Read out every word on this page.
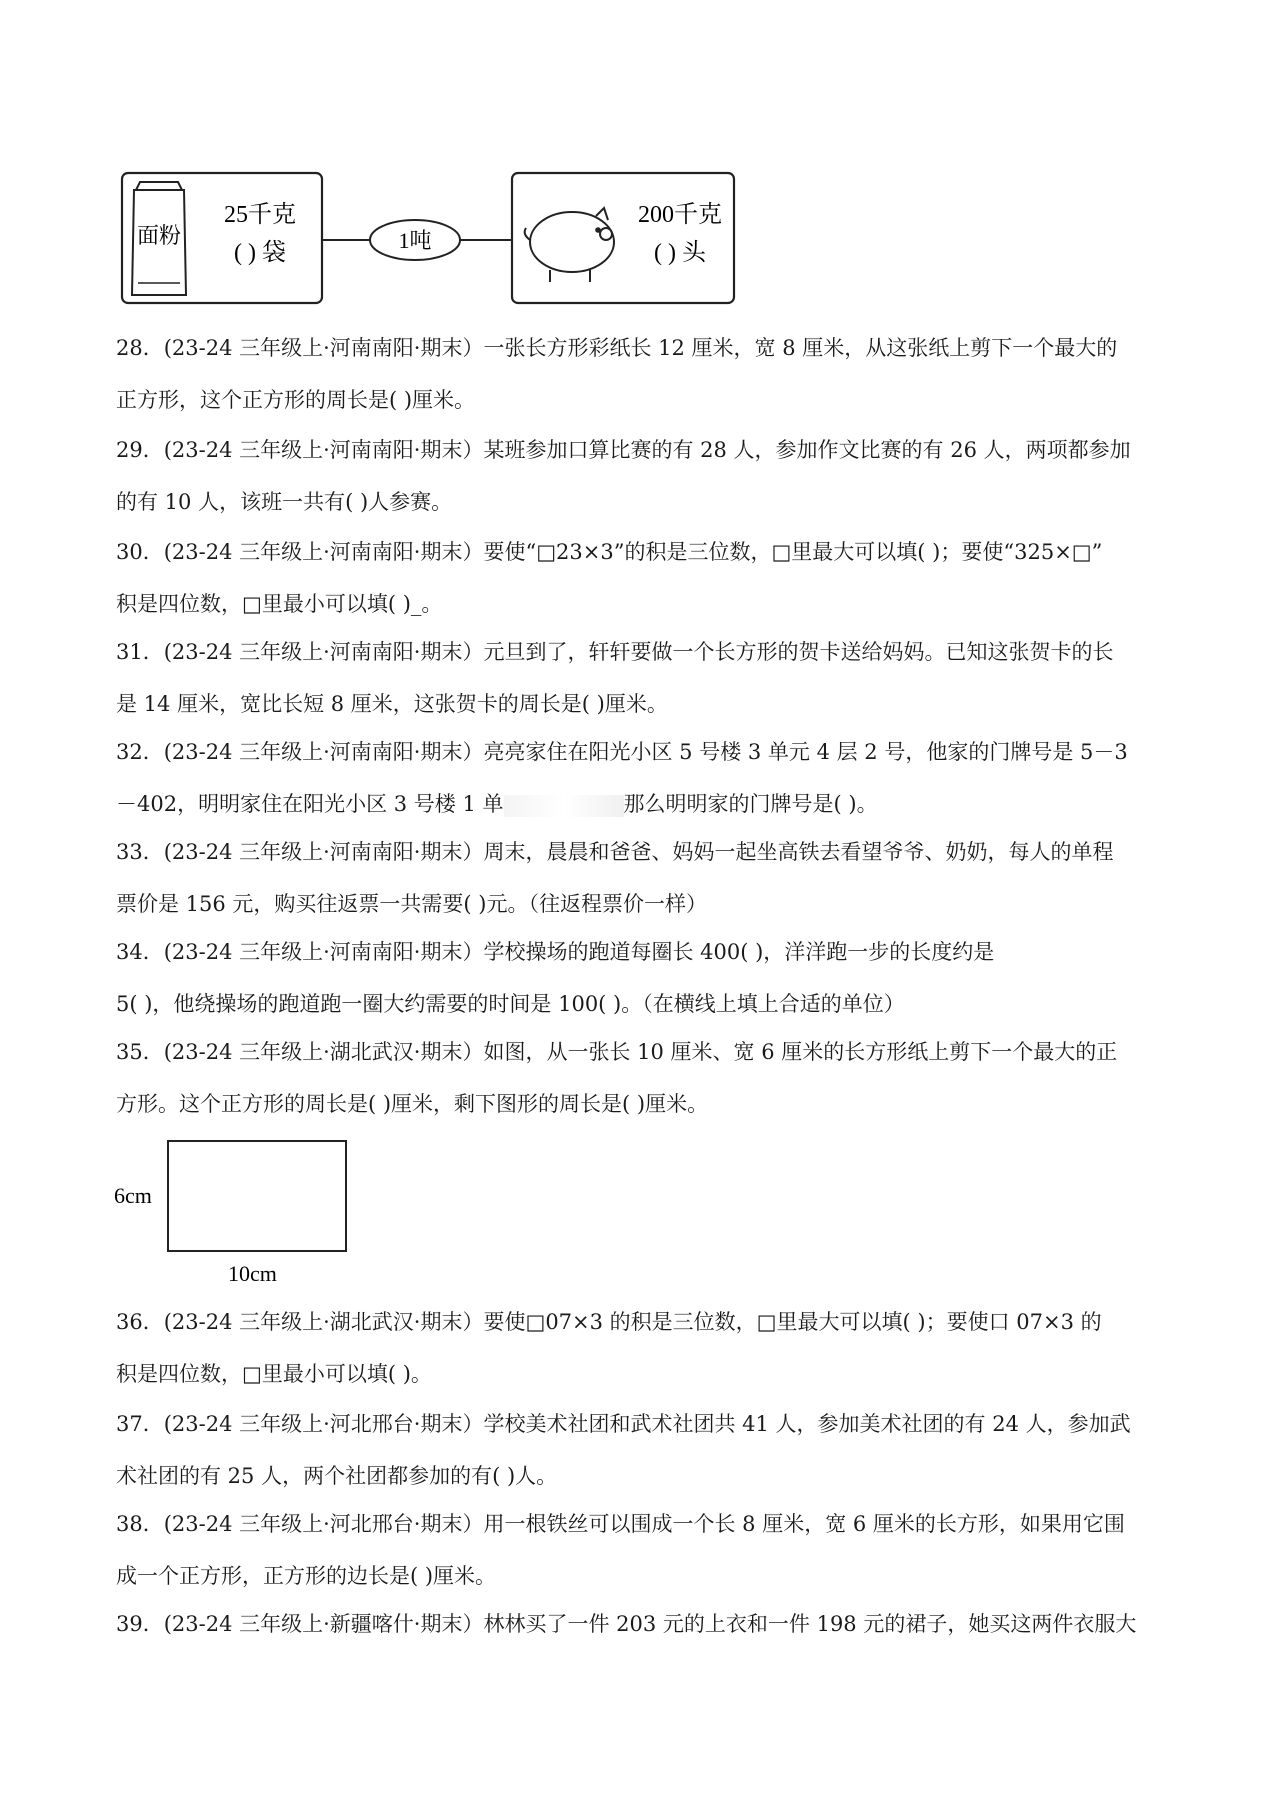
面粉
25千克
( ) 袋	1吨
200千克
( ) 头
28．(23-24 三年级上·河南南阳·期末）一张长方形彩纸长 12 厘米，宽 8 厘米，从这张纸上剪下一个最大的
正方形，这个正方形的周长是( )厘米。
29．(23-24 三年级上·河南南阳·期末）某班参加口算比赛的有 28 人，参加作文比赛的有 26 人，两项都参加
的有 10 人，该班一共有( )人参赛。
30．(23-24 三年级上·河南南阳·期末）要使“□23×3”的积是三位数，□里最大可以填( )；要使“325×□”
积是四位数，□里最小可以填( )_。
31．(23-24 三年级上·河南南阳·期末）元旦到了，轩轩要做一个长方形的贺卡送给妈妈。已知这张贺卡的长
是 14 厘米，宽比长短 8 厘米，这张贺卡的周长是( )厘米。
32．(23-24 三年级上·河南南阳·期末）亮亮家住在阳光小区 5 号楼 3 单元 4 层 2 号，他家的门牌号是 5－3
－402，明明家住在阳光小区 3 号楼 1 单	那么明明家的门牌号是( )。
33．(23-24 三年级上·河南南阳·期末）周末，晨晨和爸爸、妈妈一起坐高铁去看望爷爷、奶奶，每人的单程
票价是 156 元，购买往返票一共需要( )元。（往返程票价一样）
34．(23-24 三年级上·河南南阳·期末）学校操场的跑道每圈长 400( )，洋洋跑一步的长度约是
5( )，他绕操场的跑道跑一圈大约需要的时间是 100( )。（在横线上填上合适的单位）
35．(23-24 三年级上·湖北武汉·期末）如图，从一张长 10 厘米、宽 6 厘米的长方形纸上剪下一个最大的正
方形。这个正方形的周长是( )厘米，剩下图形的周长是( )厘米。
6cm
10cm
36．(23-24 三年级上·湖北武汉·期末）要使□07×3 的积是三位数，□里最大可以填( )；要使口 07×3 的
积是四位数，□里最小可以填( )。
37．(23-24 三年级上·河北邢台·期末）学校美术社团和武术社团共 41 人，参加美术社团的有 24 人，参加武
术社团的有 25 人，两个社团都参加的有( )人。
38．(23-24 三年级上·河北邢台·期末）用一根铁丝可以围成一个长 8 厘米，宽 6 厘米的长方形，如果用它围
成一个正方形，正方形的边长是( )厘米。
39．(23-24 三年级上·新疆喀什·期末）林林买了一件 203 元的上衣和一件 198 元的裙子，她买这两件衣服大
